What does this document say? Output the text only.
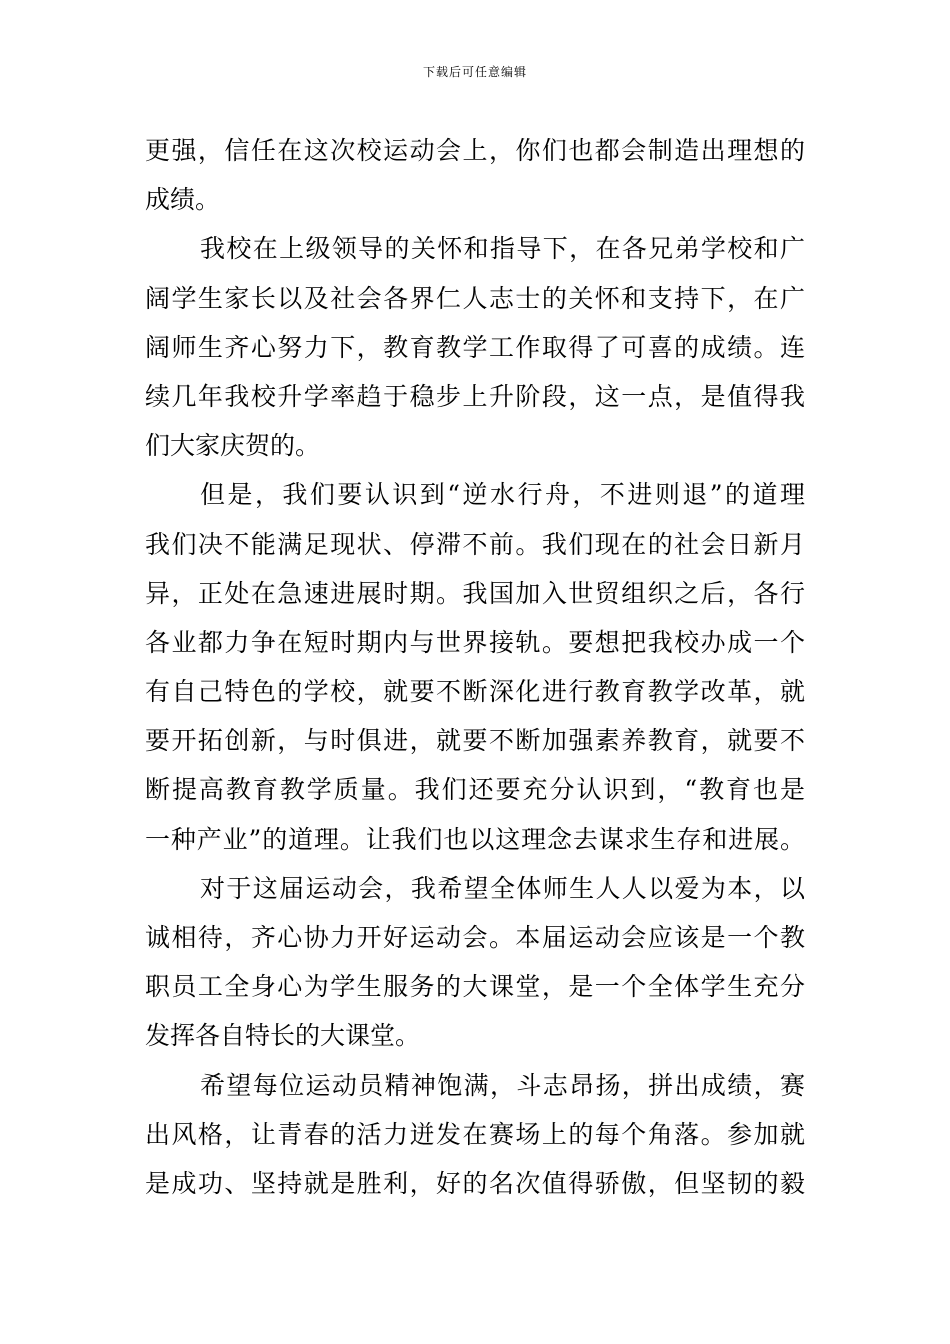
下载后可任意编辑
更强，信任在这次校运动会上，你们也都会制造出理想的
成绩。
我校在上级领导的关怀和指导下，在各兄弟学校和广
阔学生家长以及社会各界仁人志士的关怀和支持下，在广
阔师生齐心努力下，教育教学工作取得了可喜的成绩。连
续几年我校升学率趋于稳步上升阶段，这一点，是值得我
们大家庆贺的。
但是，我们要认识到“逆水行舟，不进则退”的道理
我们决不能满足现状、停滞不前。我们现在的社会日新月
异，正处在急速进展时期。我国加入世贸组织之后，各行
各业都力争在短时期内与世界接轨。要想把我校办成一个
有自己特色的学校，就要不断深化进行教育教学改革，就
要开拓创新，与时俱进，就要不断加强素养教育，就要不
断提高教育教学质量。我们还要充分认识到，“教育也是
一种产业”的道理。让我们也以这理念去谋求生存和进展。
对于这届运动会，我希望全体师生人人以爱为本，以
诚相待，齐心协力开好运动会。本届运动会应该是一个教
职员工全身心为学生服务的大课堂，是一个全体学生充分
发挥各自特长的大课堂。
希望每位运动员精神饱满，斗志昂扬，拼出成绩，赛
出风格，让青春的活力迸发在赛场上的每个角落。参加就
是成功、坚持就是胜利，好的名次值得骄傲，但坚韧的毅
